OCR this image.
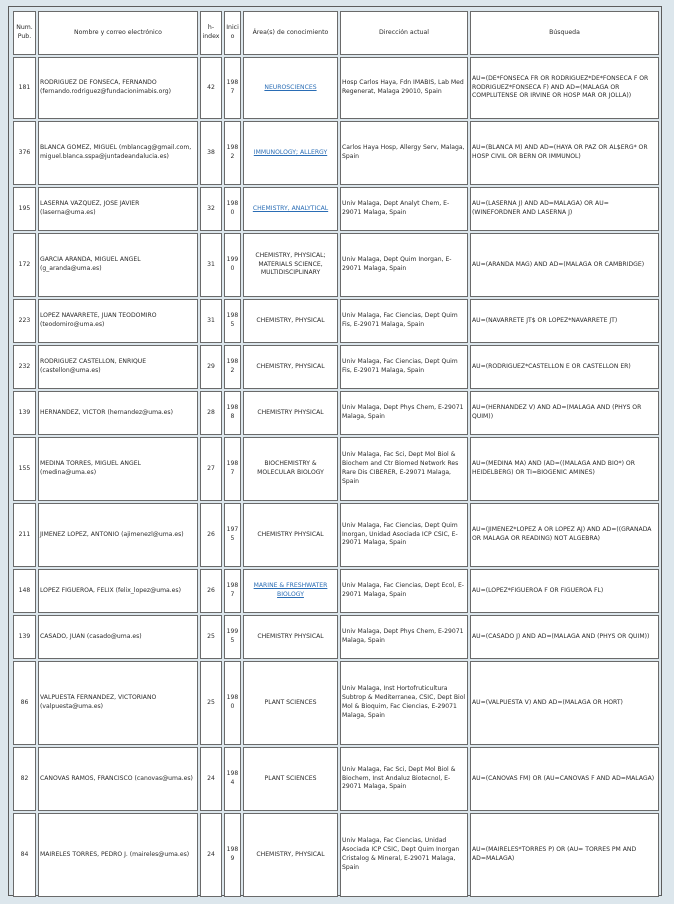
Num. Pub.	Nombre y correo electrónico	h-index	Inicio	Área(s) de conocimiento	Dirección actual	Búsqueda
181	RODRIGUEZ DE FONSECA, FERNANDO (fernando.rodriguez@fundacionimabis.org)	42	1987	NEUROSCIENCES	Hosp Carlos Haya, Fdn IMABIS, Lab Med Regenerat, Malaga 29010, Spain	AU=(DE*FONSECA FR OR RODRIGUEZ*DE*FONSECA F OR RODRIGUEZ*FONSECA F) AND AD=(MALAGA OR COMPLUTENSE OR IRVINE OR HOSP MAR OR JOLLA))
376	BLANCA GOMEZ, MIGUEL (mblancag@gmail.com, miguel.blanca.sspa@juntadeandalucia.es)	38	1982	IMMUNOLOGY; ALLERGY	Carlos Haya Hosp, Allergy Serv, Malaga, Spain	AU=(BLANCA M) AND AD=(HAYA OR PAZ OR AL$ERG* OR HOSP CIVIL OR BERN OR IMMUNOL)
195	LASERNA VAZQUEZ, JOSE JAVIER (laserna@uma.es)	32	1980	CHEMISTRY, ANALYTICAL	Univ Malaga, Dept Analyt Chem, E-29071 Malaga, Spain	AU=(LASERNA J) AND AD=MALAGA) OR AU=(WINEFORDNER AND LASERNA J)
172	GARCIA ARANDA, MIGUEL ANGEL (g_aranda@uma.es)	31	1990	CHEMISTRY, PHYSICAL; MATERIALS SCIENCE, MULTIDISCIPLINARY	Univ Malaga, Dept Quim Inorgan, E-29071 Malaga, Spain	AU=(ARANDA MAG) AND AD=(MALAGA OR CAMBRIDGE)
223	LOPEZ NAVARRETE, JUAN TEODOMIRO (teodomiro@uma.es)	31	1985	CHEMISTRY, PHYSICAL	Univ Malaga, Fac Ciencias, Dept Quim Fis, E-29071 Malaga, Spain	AU=(NAVARRETE JT$ OR LOPEZ*NAVARRETE JT)
232	RODRIGUEZ CASTELLON, ENRIQUE (castellon@uma.es)	29	1982	CHEMISTRY, PHYSICAL	Univ Malaga, Fac Ciencias, Dept Quim Fis, E-29071 Malaga, Spain	AU=(RODRIGUEZ*CASTELLON E OR CASTELLON ER)
139	HERNANDEZ, VICTOR (hernandez@uma.es)	28	1988	CHEMISTRY PHYSICAL	Univ Malaga, Dept Phys Chem, E-29071 Malaga, Spain	AU=(HERNANDEZ V) AND AD=(MALAGA AND (PHYS OR QUIM))
155	MEDINA TORRES, MIGUEL ANGEL (medina@uma.es)	27	1987	BIOCHEMISTRY & MOLECULAR BIOLOGY	Univ Malaga, Fac Sci, Dept Mol Biol & Biochem and Ctr Biomed Network Res Rare Dis CIBERER, E-29071 Malaga, Spain	AU=(MEDINA MA) AND (AD=((MALAGA AND BIO*) OR HEIDELBERG) OR TI=BIOGENIC AMINES)
211	JIMENEZ LOPEZ, ANTONIO (ajimenezl@uma.es)	26	1975	CHEMISTRY PHYSICAL	Univ Malaga, Fac Ciencias, Dept Quim Inorgan, Unidad Asociada ICP CSIC, E-29071 Malaga, Spain	AU=(JIMENEZ*LOPEZ A OR LOPEZ AJ) AND AD=((GRANADA OR MALAGA OR READING) NOT ALGEBRA)
148	LOPEZ FIGUEROA, FELIX (felix_lopez@uma.es)	26	1987	MARINE & FRESHWATER BIOLOGY	Univ Malaga, Fac Ciencias, Dept Ecol, E-29071 Malaga, Spain	AU=(LOPEZ*FIGUEROA F OR FIGUEROA FL)
139	CASADO, JUAN (casado@uma.es)	25	1995	CHEMISTRY PHYSICAL	Univ Malaga, Dept Phys Chem, E-29071 Malaga, Spain	AU=(CASADO J) AND AD=(MALAGA AND (PHYS OR QUIM))
86	VALPUESTA FERNANDEZ, VICTORIANO (valpuesta@uma.es)	25	1980	PLANT SCIENCES	Univ Malaga, Inst Hortofruticultura Subtrop & Mediterranea, CSIC, Dept Biol Mol & Bioquim, Fac Ciencias, E-29071 Malaga, Spain	AU=(VALPUESTA V) AND AD=(MALAGA OR HORT)
82	CANOVAS RAMOS, FRANCISCO (canovas@uma.es)	24	1984	PLANT SCIENCES	Univ Malaga, Fac Sci, Dept Mol Biol & Biochem, Inst Andaluz Biotecnol, E-29071 Malaga, Spain	AU=(CANOVAS FM) OR (AU=CANOVAS F AND AD=MALAGA)
84	MAIRELES TORRES, PEDRO J. (maireles@uma.es)	24	1989	CHEMISTRY, PHYSICAL	Univ Malaga, Fac Ciencias, Unidad Asociada ICP CSIC, Dept Quim Inorgan Cristalog & Mineral, E-29071 Malaga, Spain	AU=(MAIRELES*TORRES P) OR (AU= TORRES PM AND AD=MALAGA)
